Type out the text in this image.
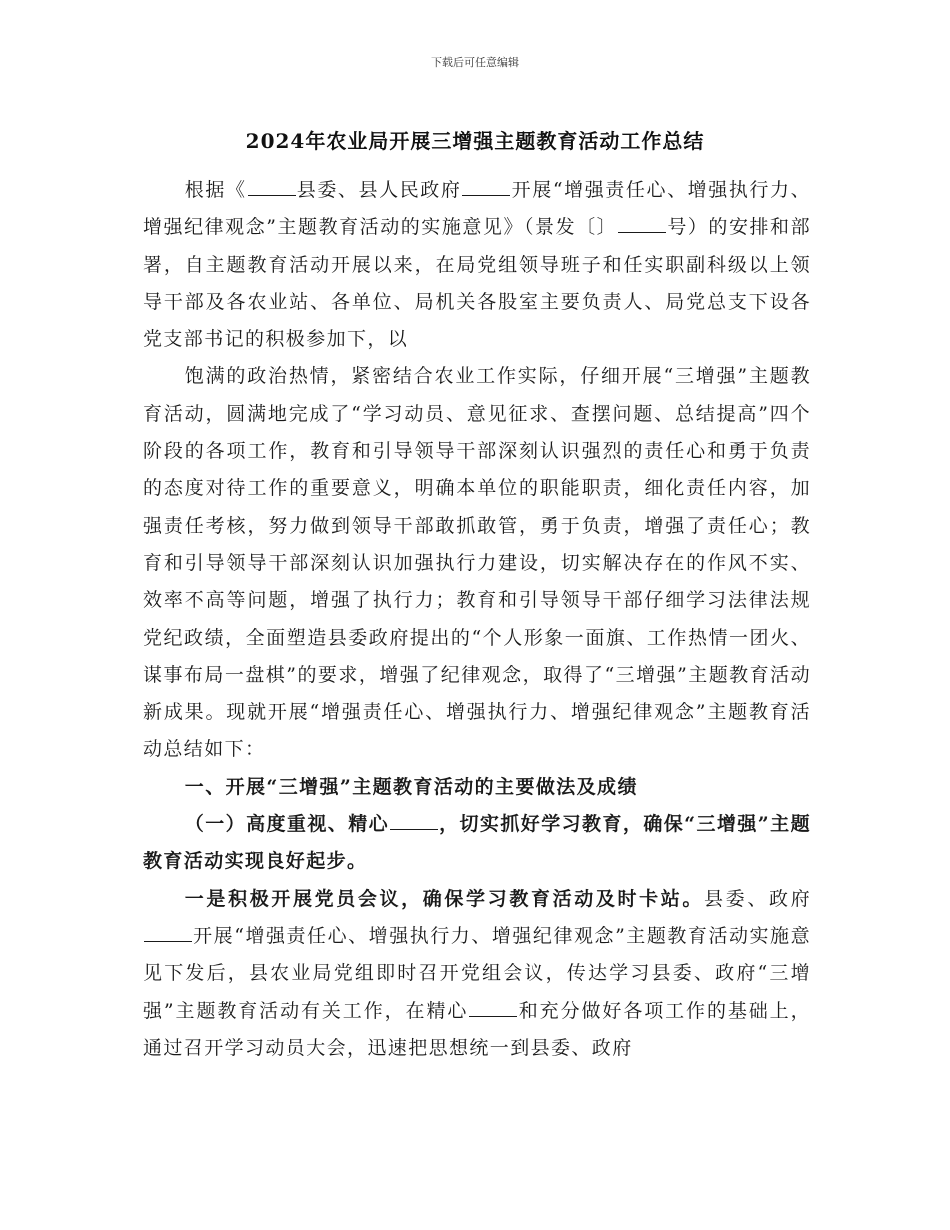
下载后可任意编辑
2024年农业局开展三增强主题教育活动工作总结

根据《	县委、县人民政府	开展“增强责任心、增强执行力、增强纪律观念”主题教育活动的实施意见》（景发〔〕	号）的安排和部署，自主题教育活动开展以来，在局党组领导班子和任实职副科级以上领导干部及各农业站、各单位、局机关各股室主要负责人、局党总支下设各党支部书记的积极参加下，以

饱满的政治热情，紧密结合农业工作实际，仔细开展“三增强”主题教育活动，圆满地完成了“学习动员、意见征求、查摆问题、总结提高”四个阶段的各项工作，教育和引导领导干部深刻认识强烈的责任心和勇于负责的态度对待工作的重要意义，明确本单位的职能职责，细化责任内容，加强责任考核，努力做到领导干部敢抓敢管，勇于负责，增强了责任心；教育和引导领导干部深刻认识加强执行力建设，切实解决存在的作风不实、效率不高等问题，增强了执行力；教育和引导领导干部仔细学习法律法规党纪政绩，全面塑造县委政府提出的“个人形象一面旗、工作热情一团火、谋事布局一盘棋”的要求，增强了纪律观念，取得了“三增强”主题教育活动新成果。现就开展“增强责任心、增强执行力、增强纪律观念”主题教育活动总结如下：

一、开展“三增强”主题教育活动的主要做法及成绩

（一）高度重视、精心	，切实抓好学习教育，确保“三增强”主题教育活动实现良好起步。

一是积极开展党员会议，确保学习教育活动及时卡站。县委、政府开展“增强责任心、增强执行力、增强纪律观念”主题教育活动实施意见下发后，县农业局党组即时召开党组会议，传达学习县委、政府“三增强”主题教育活动有关工作，在精心	和充分做好各项工作的基础上，通过召开学习动员大会，迅速把思想统一到县委、政府
